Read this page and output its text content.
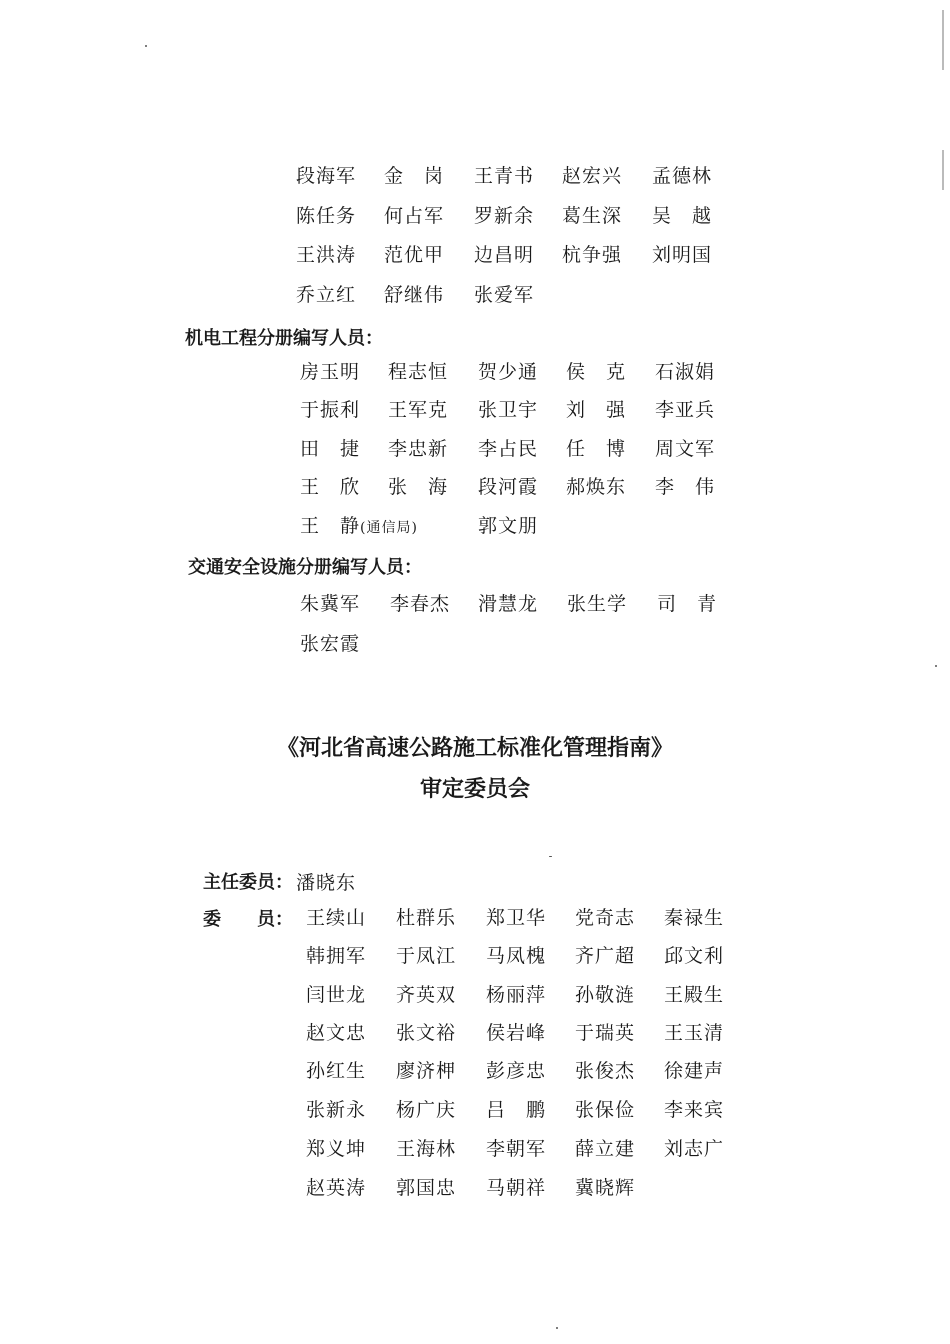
段海军 金　岗 王青书 赵宏兴 孟德林
陈任务 何占军 罗新余 葛生深 吴　越
王洪涛 范优甲 边昌明 杭争强 刘明国
乔立红 舒继伟 张爱军
机电工程分册编写人员：
房玉明 程志恒 贺少通 侯　克 石淑娟
于振利 王军克 张卫宇 刘　强 李亚兵
田　捷 李忠新 李占民 任　博 周文军
王　欣 张　海 段河霞 郝焕东 李　伟
王　静(通信局)	郭文朋
交通安全设施分册编写人员：
朱冀军 李春杰 滑慧龙 张生学 司　青
张宏霞
《河北省高速公路施工标准化管理指南》
审定委员会
主任委员： 潘晓东
委　　员： 王续山 杜群乐 郑卫华 党奇志 秦禄生
韩拥军 于凤江 马凤槐 齐广超 邱文利
闫世龙 齐英双 杨丽萍 孙敬涟 王殿生
赵文忠 张文裕 侯岩峰 于瑞英 王玉清
孙红生 廖济柙 彭彦忠 张俊杰 徐建声
张新永 杨广庆 吕　鹏 张保俭 李来宾
郑义坤 王海林 李朝军 薛立建 刘志广
赵英涛 郭国忠 马朝祥 冀晓辉
